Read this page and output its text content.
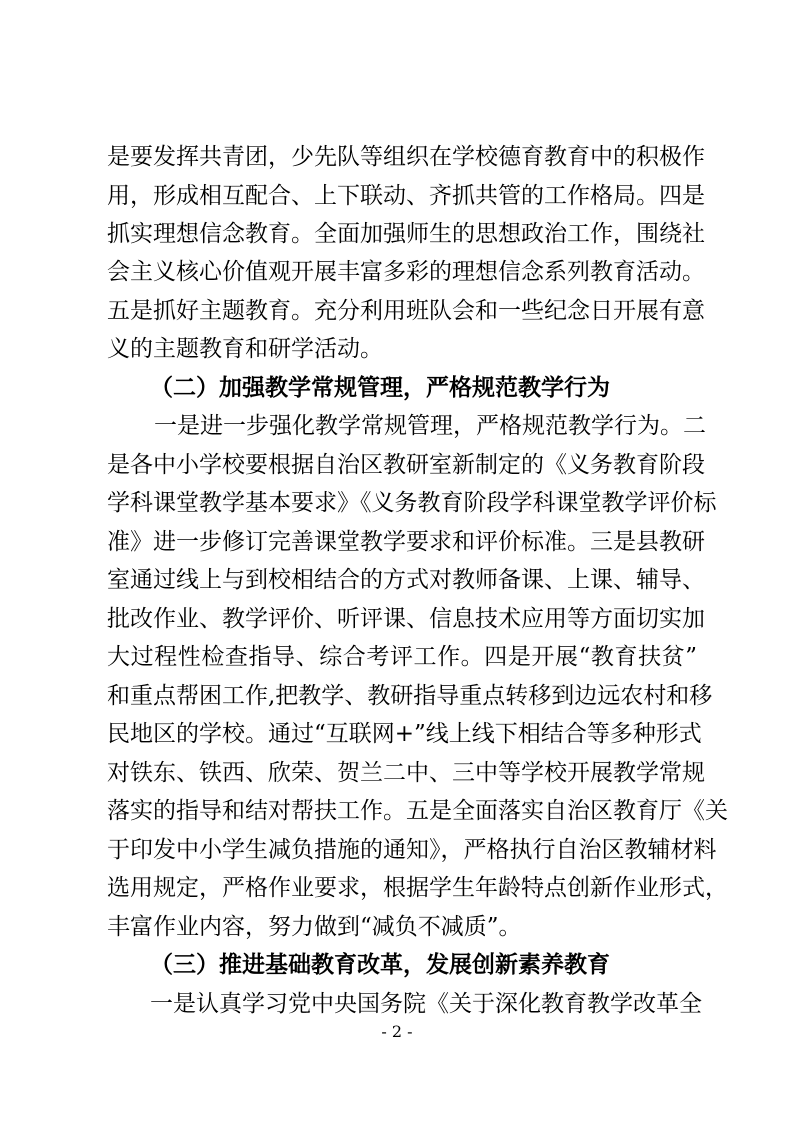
是要发挥共青团，少先队等组织在学校德育教育中的积极作
用，形成相互配合、上下联动、齐抓共管的工作格局。四是
抓实理想信念教育。全面加强师生的思想政治工作，围绕社
会主义核心价值观开展丰富多彩的理想信念系列教育活动。
五是抓好主题教育。充分利用班队会和一些纪念日开展有意
义的主题教育和研学活动。
（二）加强教学常规管理，严格规范教学行为
一是进一步强化教学常规管理，严格规范教学行为。二
是各中小学校要根据自治区教研室新制定的《义务教育阶段
学科课堂教学基本要求》《义务教育阶段学科课堂教学评价标
准》进一步修订完善课堂教学要求和评价标准。三是县教研
室通过线上与到校相结合的方式对教师备课、上课、辅导、
批改作业、教学评价、听评课、信息技术应用等方面切实加
大过程性检查指导、综合考评工作。四是开展“教育扶贫”
和重点帮困工作,把教学、教研指导重点转移到边远农村和移
民地区的学校。通过“互联网+”线上线下相结合等多种形式
对铁东、铁西、欣荣、贺兰二中、三中等学校开展教学常规
落实的指导和结对帮扶工作。五是全面落实自治区教育厅《关
于印发中小学生减负措施的通知》，严格执行自治区教辅材料
选用规定，严格作业要求，根据学生年龄特点创新作业形式，
丰富作业内容，努力做到“减负不减质”。
（三）推进基础教育改革，发展创新素养教育
一是认真学习党中央国务院《关于深化教育教学改革全
- 2 -
